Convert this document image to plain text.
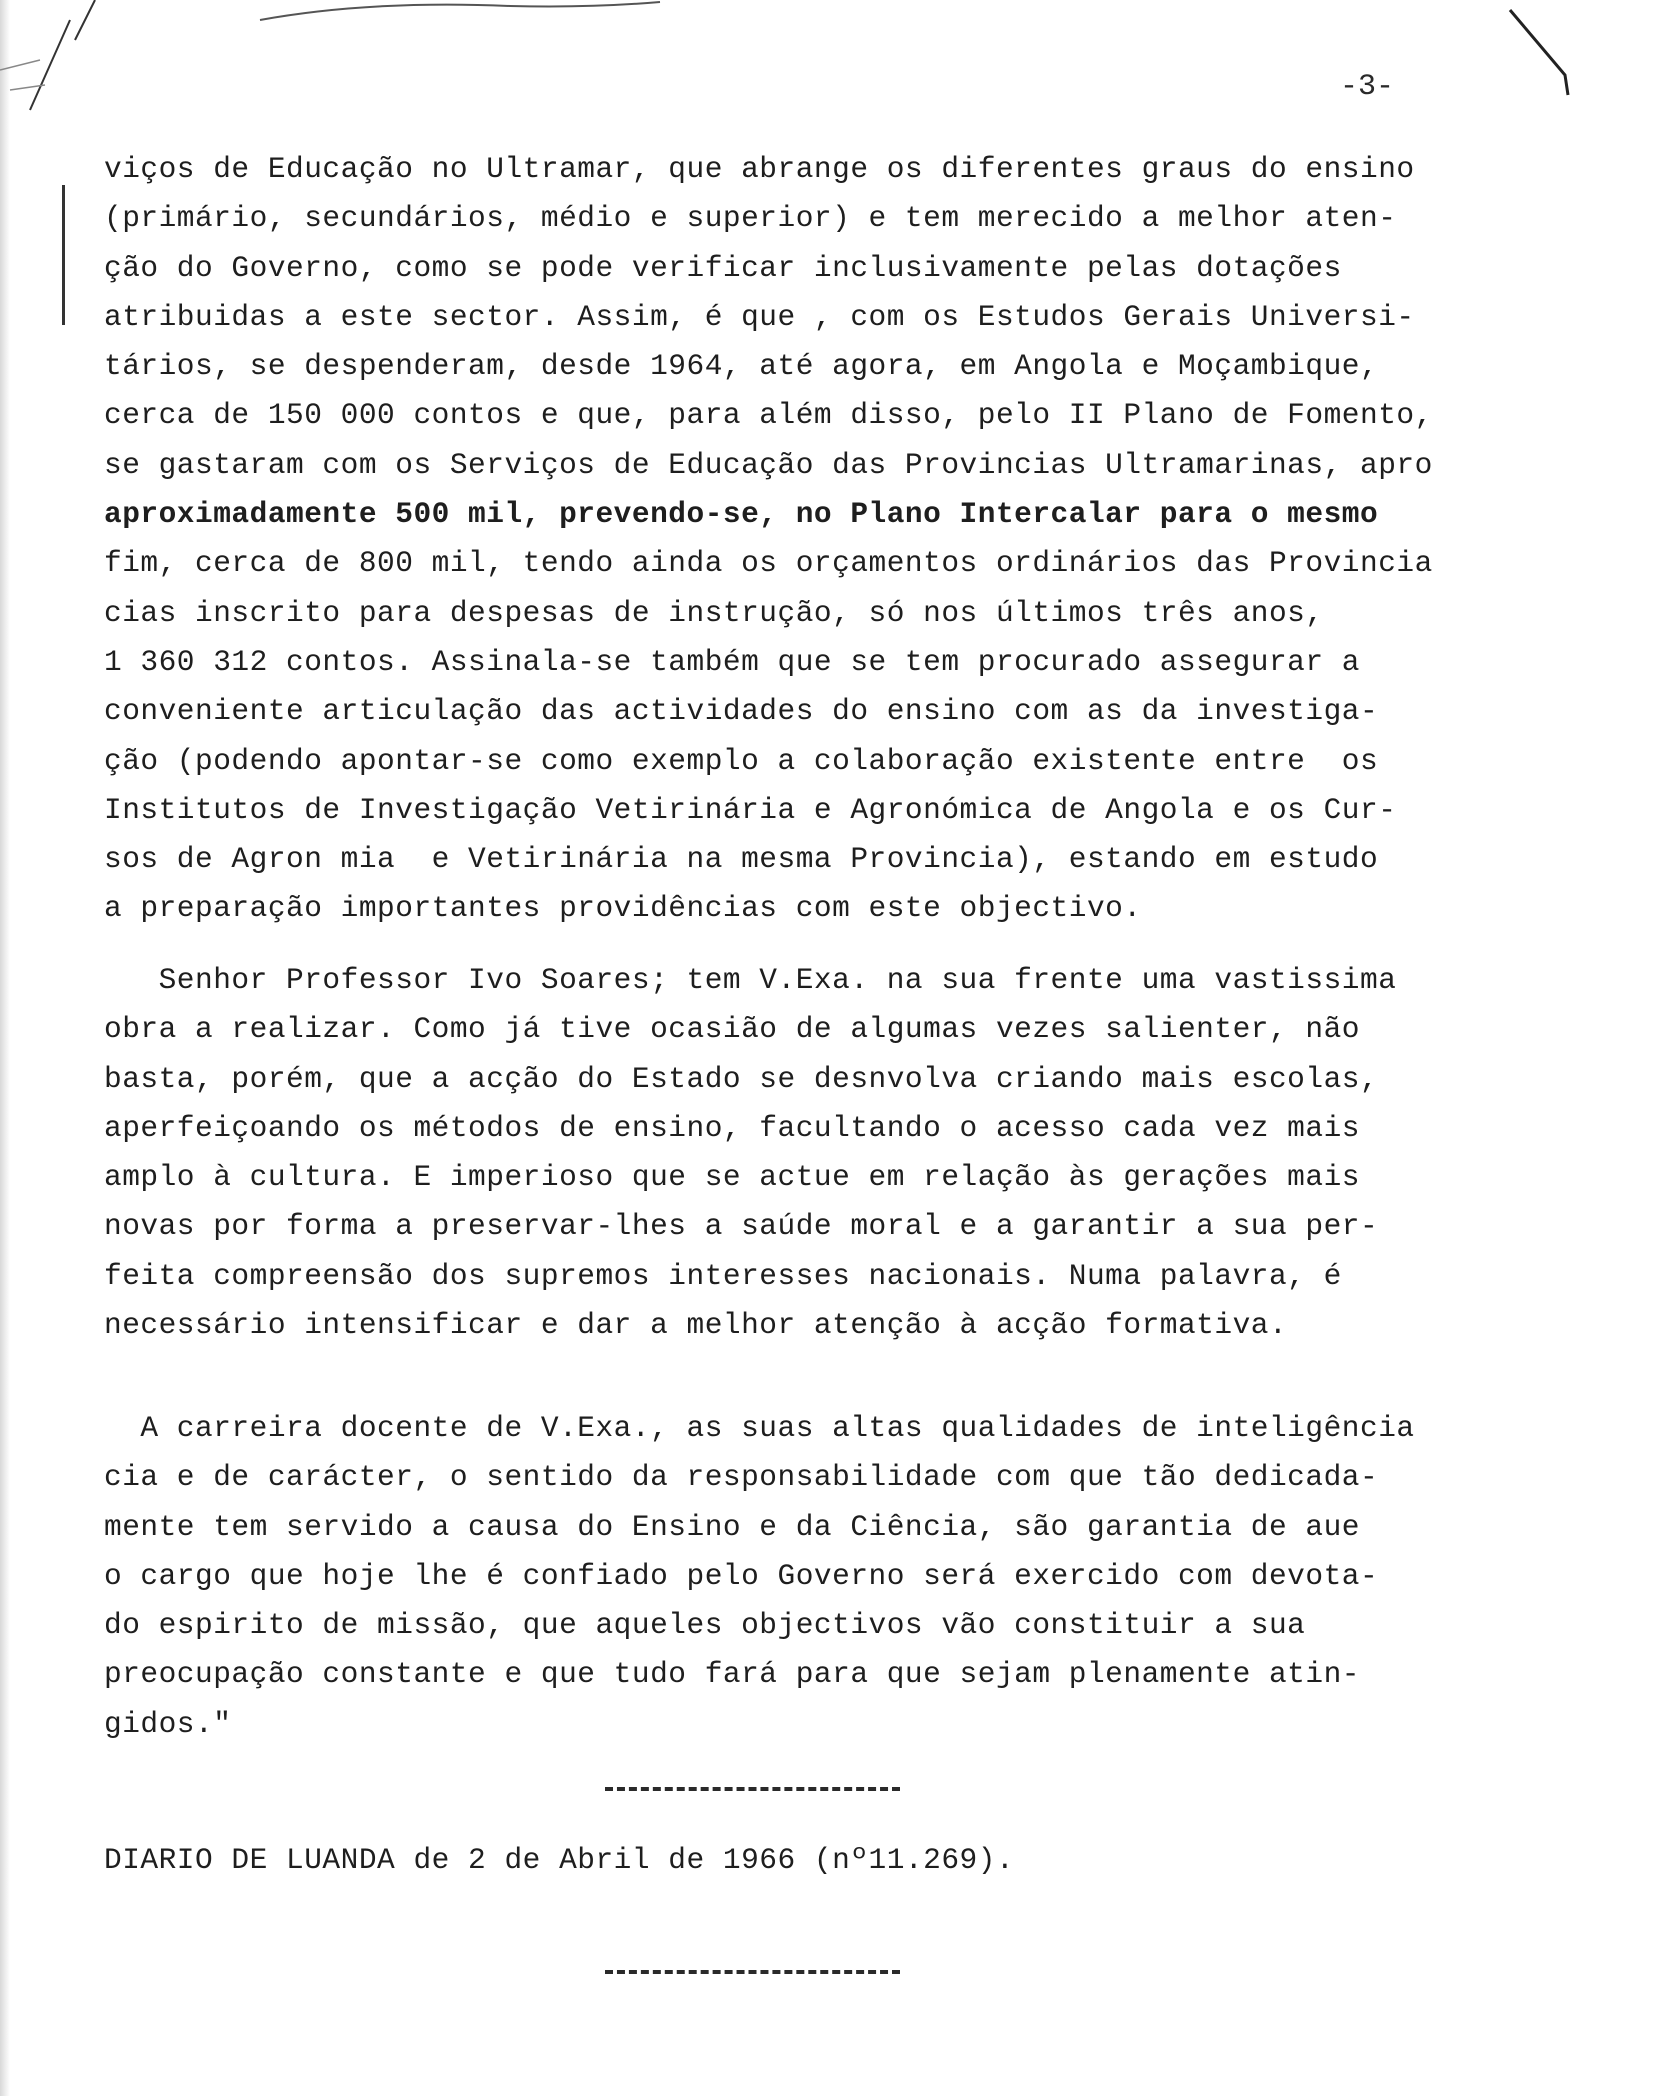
-3-
viços de Educação no Ultramar, que abrange os diferentes graus do ensino
(primário, secundários, médio e superior) e tem merecido a melhor aten-
ção do Governo, como se pode verificar inclusivamente pelas dotações
atribuidas a este sector. Assim, é que , com os Estudos Gerais Universi-
tários, se despenderam, desde 1964, até agora, em Angola e Moçambique,
cerca de 150 000 contos e que, para além disso, pelo II Plano de Fomento,
se gastaram com os Serviços de Educação das Provincias Ultramarinas, apro
aproximadamente 500 mil, prevendo-se, no Plano Intercalar para o mesmo
fim, cerca de 800 mil, tendo ainda os orçamentos ordinários das Provincia
cias inscrito para despesas de instrução, só nos últimos três anos,
1 360 312 contos. Assinala-se também que se tem procurado assegurar a
conveniente articulação das actividades do ensino com as da investiga-
ção (podendo apontar-se como exemplo a colaboração existente entre  os
Institutos de Investigação Vetirinária e Agronómica de Angola e os Cur-
sos de Agron mia  e Vetirinária na mesma Provincia), estando em estudo
a preparação importantes providências com este objectivo.
Senhor Professor Ivo Soares; tem V.Exa. na sua frente uma vastissima
obra a realizar. Como já tive ocasião de algumas vezes salienter, não
basta, porém, que a acção do Estado se desnvolva criando mais escolas,
aperfeiçoando os métodos de ensino, facultando o acesso cada vez mais
amplo à cultura. E imperioso que se actue em relação às gerações mais
novas por forma a preservar-lhes a saúde moral e a garantir a sua per-
feita compreensão dos supremos interesses nacionais. Numa palavra, é
necessário intensificar e dar a melhor atenção à acção formativa.
A carreira docente de V.Exa., as suas altas qualidades de inteligência
cia e de carácter, o sentido da responsabilidade com que tão dedicada-
mente tem servido a causa do Ensino e da Ciência, são garantia de aue
o cargo que hoje lhe é confiado pelo Governo será exercido com devota-
do espirito de missão, que aqueles objectivos vão constituir a sua
preocupação constante e que tudo fará para que sejam plenamente atin-
gidos."
DIARIO DE LUANDA de 2 de Abril de 1966 (nº11.269).
